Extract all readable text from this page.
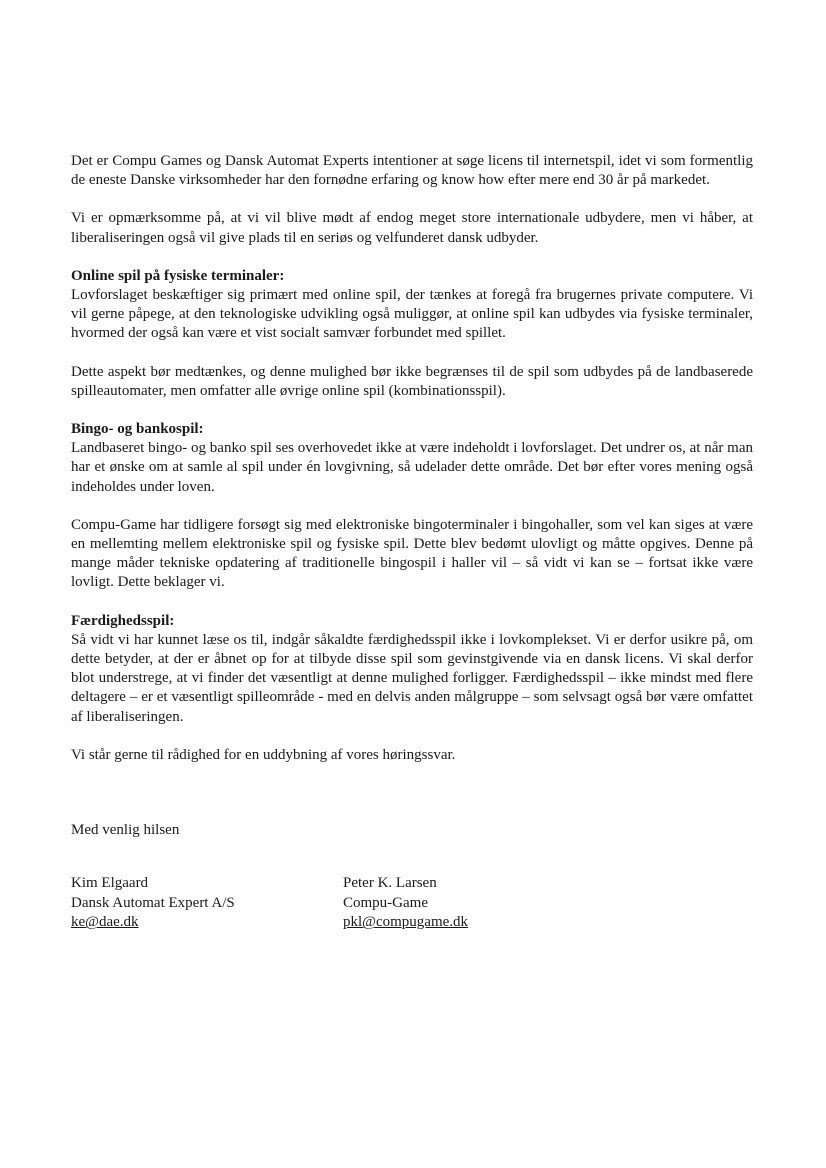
Det er Compu Games og Dansk Automat Experts intentioner at søge licens til internetspil, idet vi som formentlig de eneste Danske virksomheder har den fornødne erfaring og know how efter mere end 30 år på markedet.

Vi er opmærksomme på, at vi vil blive mødt af endog meget store internationale udbydere, men vi håber, at liberaliseringen også vil give plads til en seriøs og velfunderet dansk udbyder.

Online spil på fysiske terminaler:

Lovforslaget beskæftiger sig primært med online spil, der tænkes at foregå fra brugernes private computere. Vi vil gerne påpege, at den teknologiske udvikling også muliggør, at online spil kan udbydes via fysiske terminaler, hvormed der også kan være et vist socialt samvær forbundet med spillet.

Dette aspekt bør medtænkes, og denne mulighed bør ikke begrænses til de spil som udbydes på de landbaserede spilleautomater, men omfatter alle øvrige online spil (kombinationsspil).

Bingo- og bankospil:

Landbaseret bingo- og banko spil ses overhovedet ikke at være indeholdt i lovforslaget. Det undrer os, at når man har et ønske om at samle al spil under én lovgivning, så udelader dette område. Det bør efter vores mening også indeholdes under loven.

Compu-Game har tidligere forsøgt sig med elektroniske bingoterminaler i bingohaller, som vel kan siges at være en mellemting mellem elektroniske spil og fysiske spil. Dette blev bedømt ulovligt og måtte opgives. Denne på mange måder tekniske opdatering af traditionelle bingospil i haller vil – så vidt vi kan se – fortsat ikke være lovligt. Dette beklager vi.

Færdighedsspil:

Så vidt vi har kunnet læse os til, indgår såkaldte færdighedsspil ikke i lovkomplekset. Vi er derfor usikre på, om dette betyder, at der er åbnet op for at tilbyde disse spil som gevinstgivende via en dansk licens. Vi skal derfor blot understrege, at vi finder det væsentligt at denne mulighed forligger. Færdighedsspil – ikke mindst med flere deltagere – er et væsentligt spilleområde - med en delvis anden målgruppe – som selvsagt også bør være omfattet af liberaliseringen.

Vi står gerne til rådighed for en uddybning af vores høringssvar.

Med venlig hilsen

Kim Elgaard
Dansk Automat Expert A/S
ke@dae.dk
Peter K. Larsen
Compu-Game
pkl@compugame.dk
